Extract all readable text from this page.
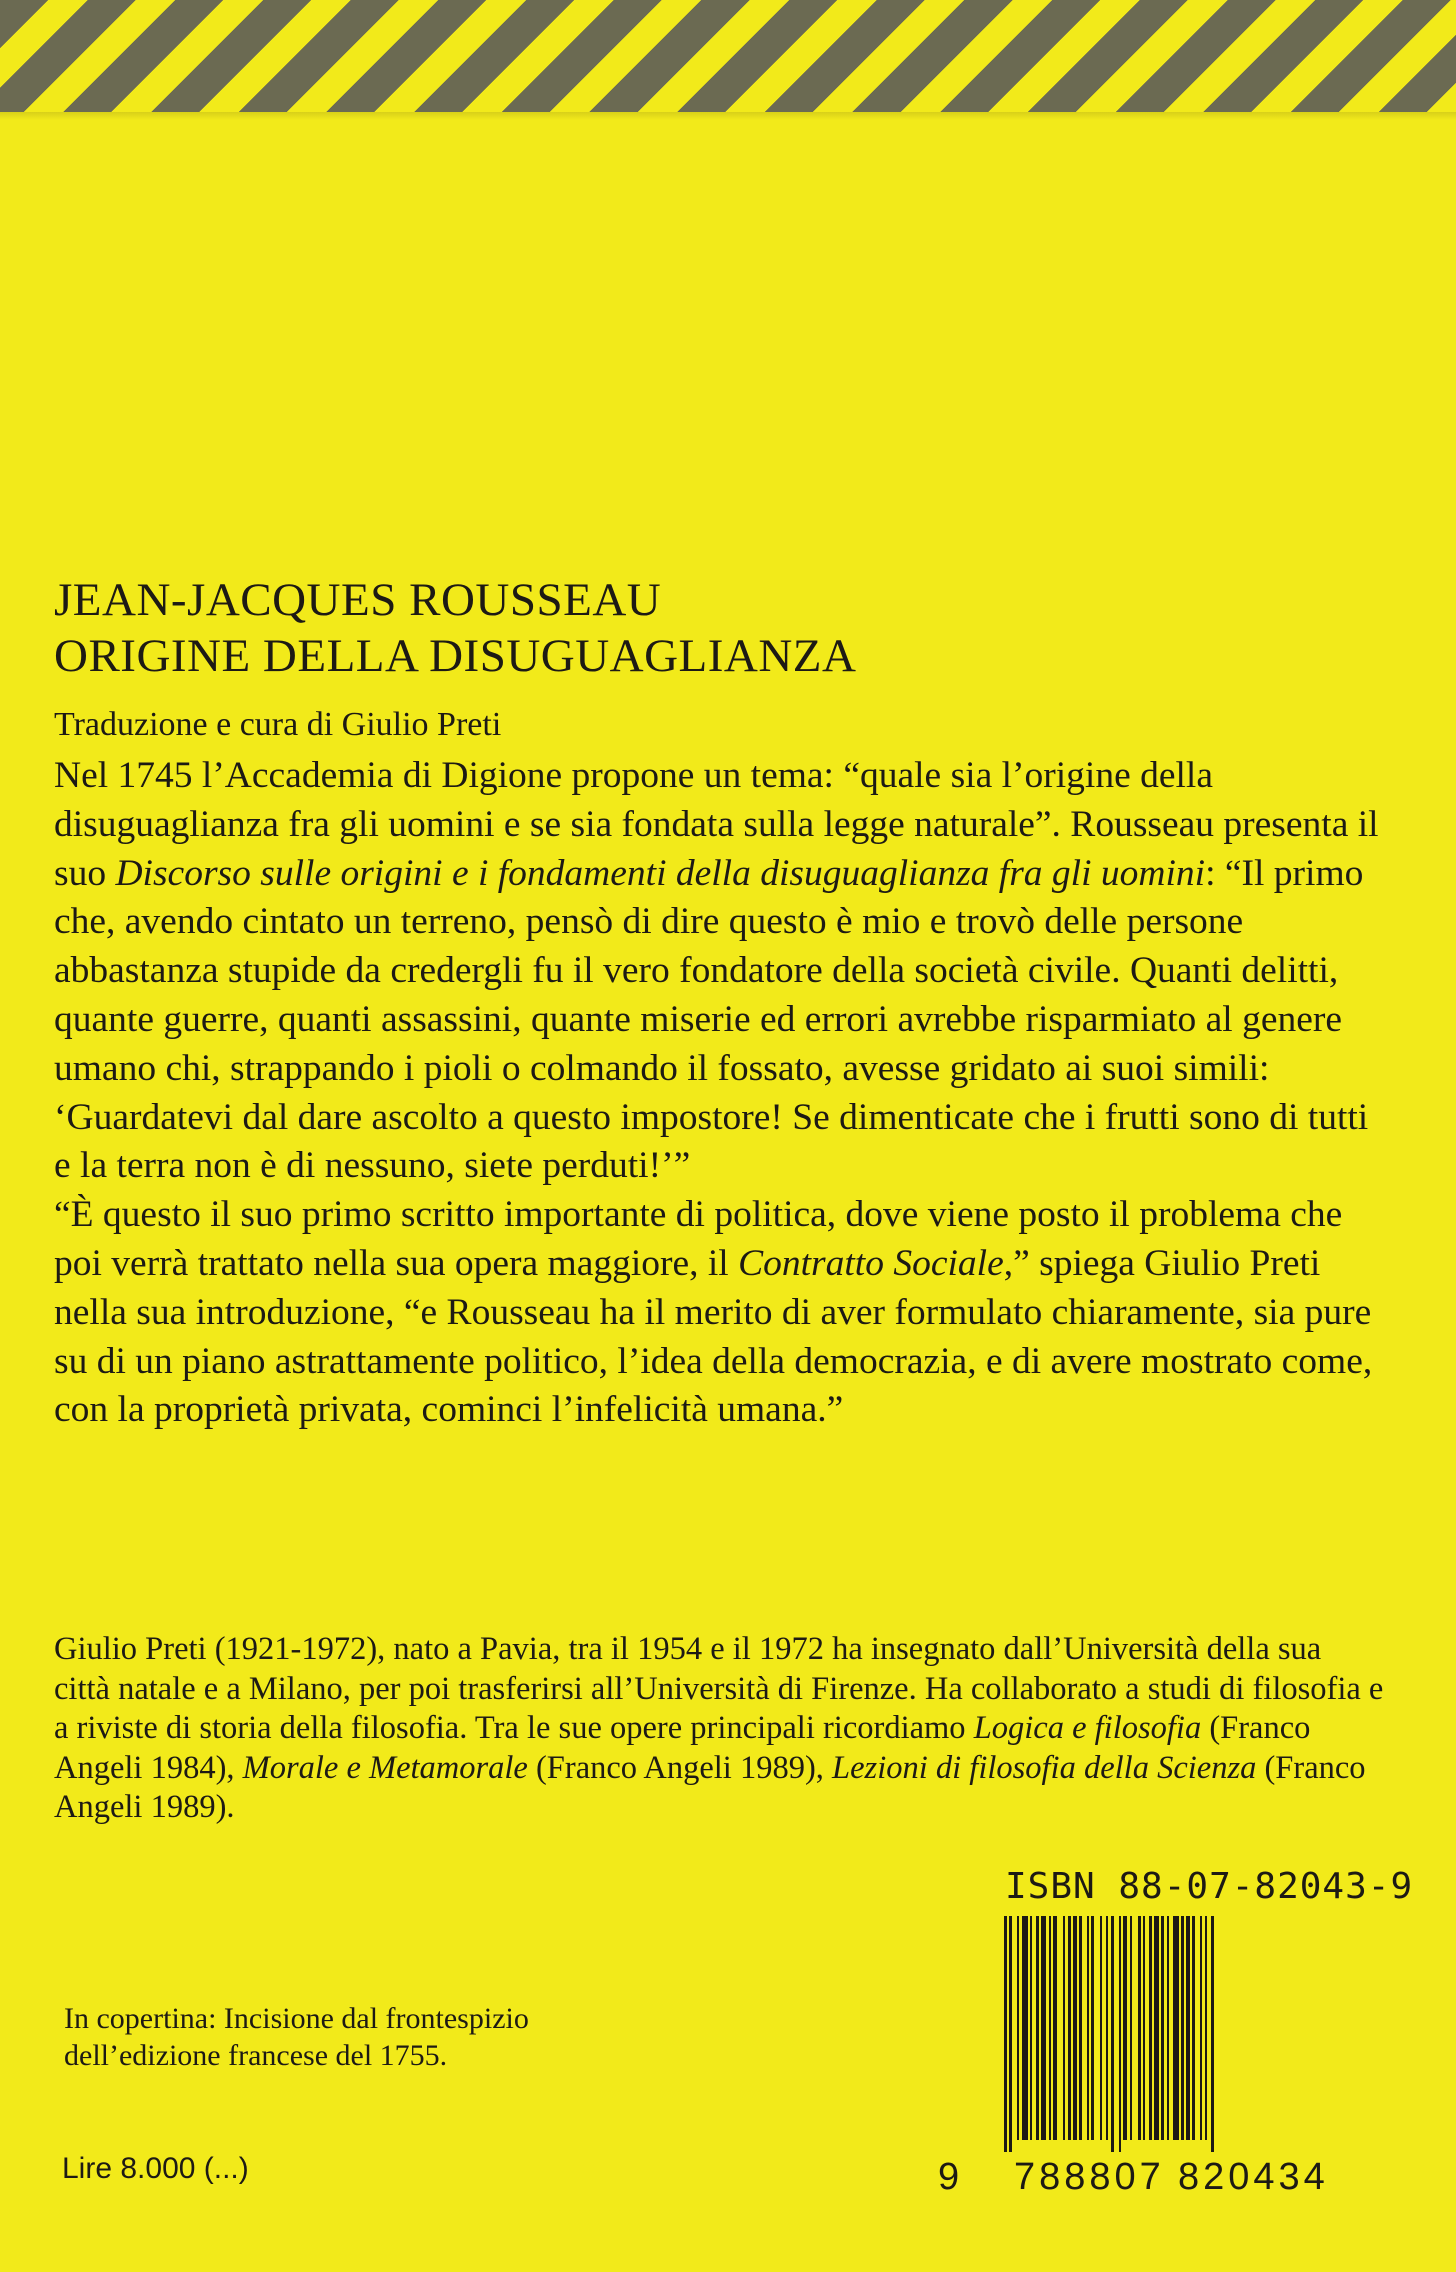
JEAN-JACQUES ROUSSEAU
ORIGINE DELLA DISUGUAGLIANZA
Traduzione e cura di Giulio Preti

Nel 1745 l’Accademia di Digione propone un tema: “quale sia l’origine della disuguaglianza fra gli uomini e se sia fondata sulla legge naturale”. Rousseau presenta il suo Discorso sulle origini e i fondamenti della disuguaglianza fra gli uomini: “Il primo che, avendo cintato un terreno, pensò di dire questo è mio e trovò delle persone abbastanza stupide da credergli fu il vero fondatore della società civile. Quanti delitti, quante guerre, quanti assassini, quante miserie ed errori avrebbe risparmiato al genere umano chi, strappando i pioli o colmando il fossato, avesse gridato ai suoi simili: ‘Guardatevi dal dare ascolto a questo impostore! Se dimenticate che i frutti sono di tutti e la terra non è di nessuno, siete perduti!’”

“È questo il suo primo scritto importante di politica, dove viene posto il problema che poi verrà trattato nella sua opera maggiore, il Contratto Sociale,” spiega Giulio Preti nella sua introduzione, “e Rousseau ha il merito di aver formulato chiaramente, sia pure su di un piano astrattamente politico, l’idea della democrazia, e di avere mostrato come, con la proprietà privata, cominci l’infelicità umana.”

Giulio Preti (1921-1972), nato a Pavia, tra il 1954 e il 1972 ha insegnato dall’Università della sua città natale e a Milano, per poi trasferirsi all’Università di Firenze. Ha collaborato a studi di filosofia e a riviste di storia della filosofia. Tra le sue opere principali ricordiamo Logica e filosofia (Franco Angeli 1984), Morale e Metamorale (Franco Angeli 1989), Lezioni di filosofia della Scienza (Franco Angeli 1989).
ISBN 88-07-82043-9
9 788807 820434
In copertina: Incisione dal frontespizio
dell’edizione francese del 1755.
Lire 8.000 (...)
